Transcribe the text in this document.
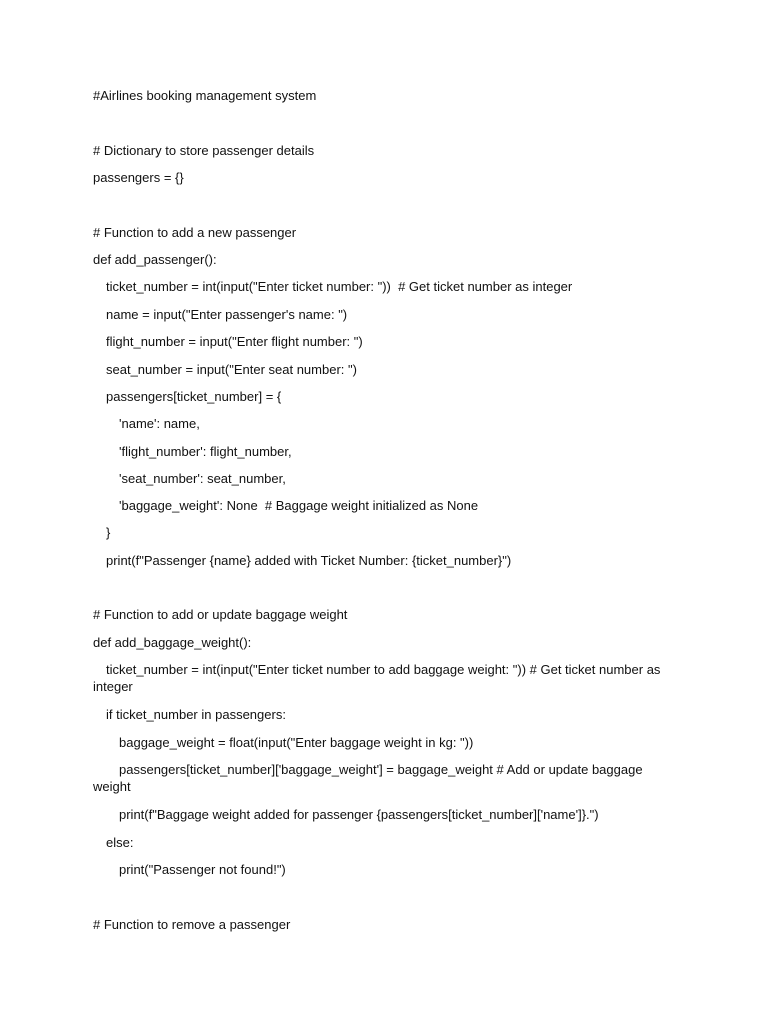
#Airlines booking management system

# Dictionary to store passenger details

passengers = {}

# Function to add a new passenger

def add_passenger():

ticket_number = int(input("Enter ticket number: "))  # Get ticket number as integer

name = input("Enter passenger's name: ")

flight_number = input("Enter flight number: ")

seat_number = input("Enter seat number: ")

passengers[ticket_number] = {

'name': name,

'flight_number': flight_number,

'seat_number': seat_number,

'baggage_weight': None  # Baggage weight initialized as None

}

print(f"Passenger {name} added with Ticket Number: {ticket_number}")

# Function to add or update baggage weight

def add_baggage_weight():

ticket_number = int(input("Enter ticket number to add baggage weight: ")) # Get ticket number as integer

if ticket_number in passengers:

baggage_weight = float(input("Enter baggage weight in kg: "))

passengers[ticket_number]['baggage_weight'] = baggage_weight # Add or update baggage weight

print(f"Baggage weight added for passenger {passengers[ticket_number]['name']}.")

else:

print("Passenger not found!")

# Function to remove a passenger
